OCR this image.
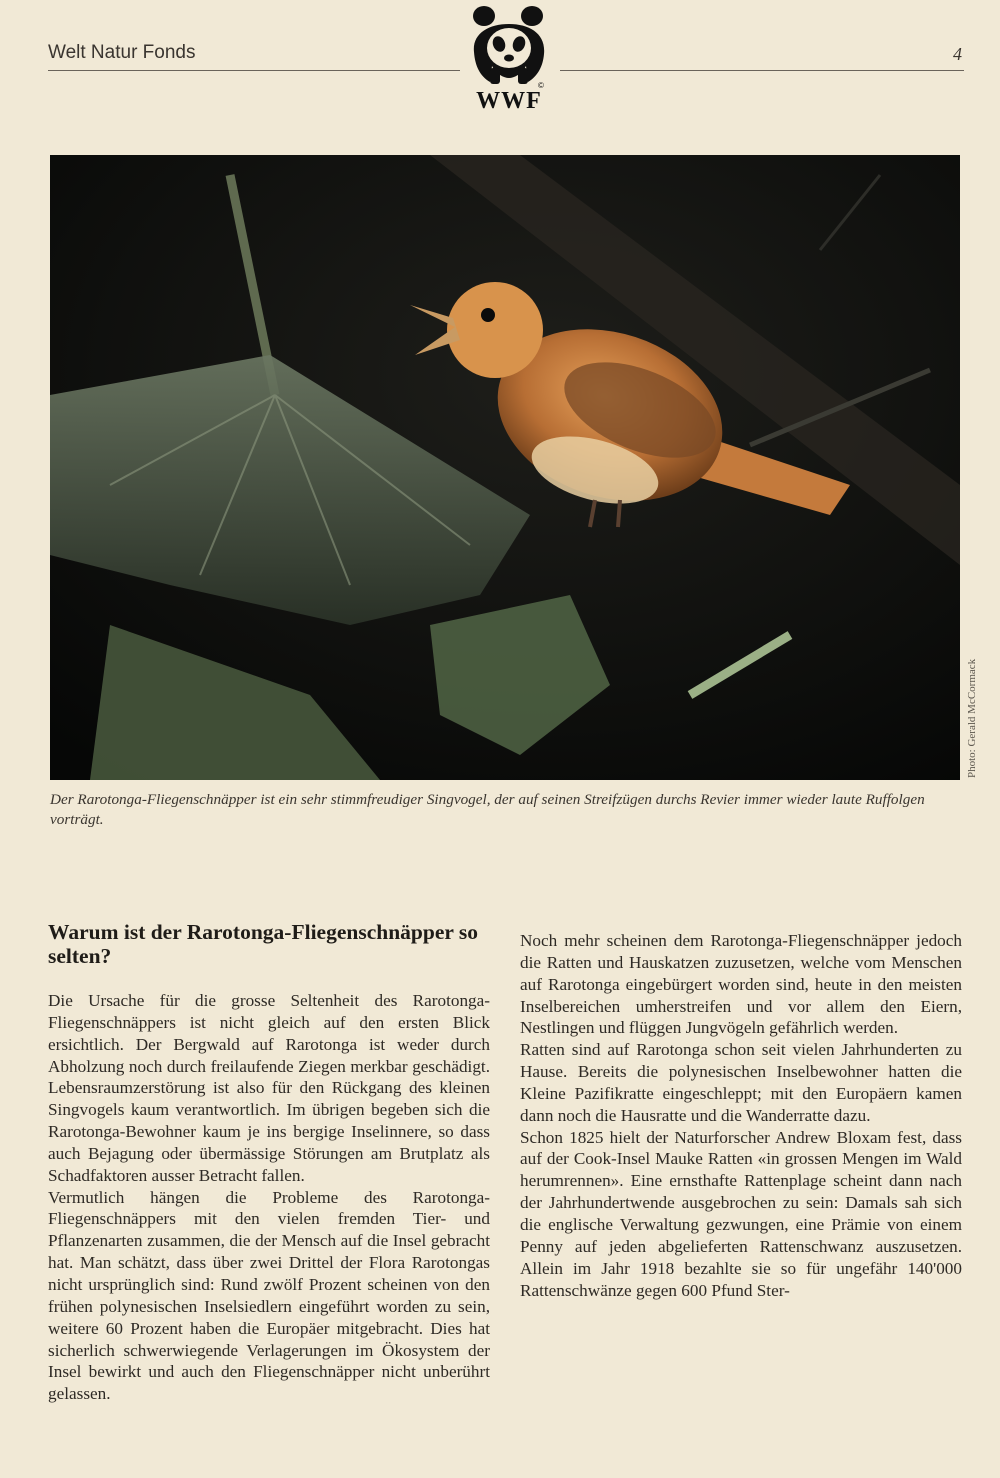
Welt Natur Fonds	4
©
WWF
Photo: Gerald McCormack
Der Rarotonga-Fliegenschnäpper ist ein sehr stimmfreudiger Singvogel, der auf seinen Streifzügen durchs Revier immer wieder laute Ruffolgen vorträgt.
Warum ist der Rarotonga-Fliegenschnäpper so selten?

Die Ursache für die grosse Seltenheit des Rarotonga-Fliegenschnäppers ist nicht gleich auf den ersten Blick ersichtlich. Der Bergwald auf Rarotonga ist weder durch Abholzung noch durch freilaufende Ziegen merkbar geschädigt. Lebensraumzerstörung ist also für den Rückgang des kleinen Singvogels kaum verantwortlich. Im übrigen begeben sich die Rarotonga-Bewohner kaum je ins bergige Inselinnere, so dass auch Bejagung oder übermässige Störungen am Brutplatz als Schadfaktoren ausser Betracht fallen.

Vermutlich hängen die Probleme des Rarotonga-Fliegenschnäppers mit den vielen fremden Tier- und Pflanzenarten zusammen, die der Mensch auf die Insel gebracht hat. Man schätzt, dass über zwei Drittel der Flora Rarotongas nicht ursprünglich sind: Rund zwölf Prozent scheinen von den frühen polynesischen Inselsiedlern eingeführt worden zu sein, weitere 60 Prozent haben die Europäer mitgebracht. Dies hat sicherlich schwerwiegende Verlagerungen im Ökosystem der Insel bewirkt und auch den Fliegenschnäpper nicht unberührt gelassen.

Noch mehr scheinen dem Rarotonga-Fliegenschnäpper jedoch die Ratten und Hauskatzen zuzusetzen, welche vom Menschen auf Rarotonga eingebürgert worden sind, heute in den meisten Inselbereichen umherstreifen und vor allem den Eiern, Nestlingen und flüggen Jungvögeln gefährlich werden.

Ratten sind auf Rarotonga schon seit vielen Jahrhunderten zu Hause. Bereits die polynesischen Inselbewohner hatten die Kleine Pazifikratte eingeschleppt; mit den Europäern kamen dann noch die Hausratte und die Wanderratte dazu.

Schon 1825 hielt der Naturforscher Andrew Bloxam fest, dass auf der Cook-Insel Mauke Ratten «in grossen Mengen im Wald herumrennen». Eine ernsthafte Rattenplage scheint dann nach der Jahrhundertwende ausgebrochen zu sein: Damals sah sich die englische Verwaltung gezwungen, eine Prämie von einem Penny auf jeden abgelieferten Rattenschwanz auszusetzen. Allein im Jahr 1918 bezahlte sie so für ungefähr 140'000 Rattenschwänze gegen 600 Pfund Ster-
